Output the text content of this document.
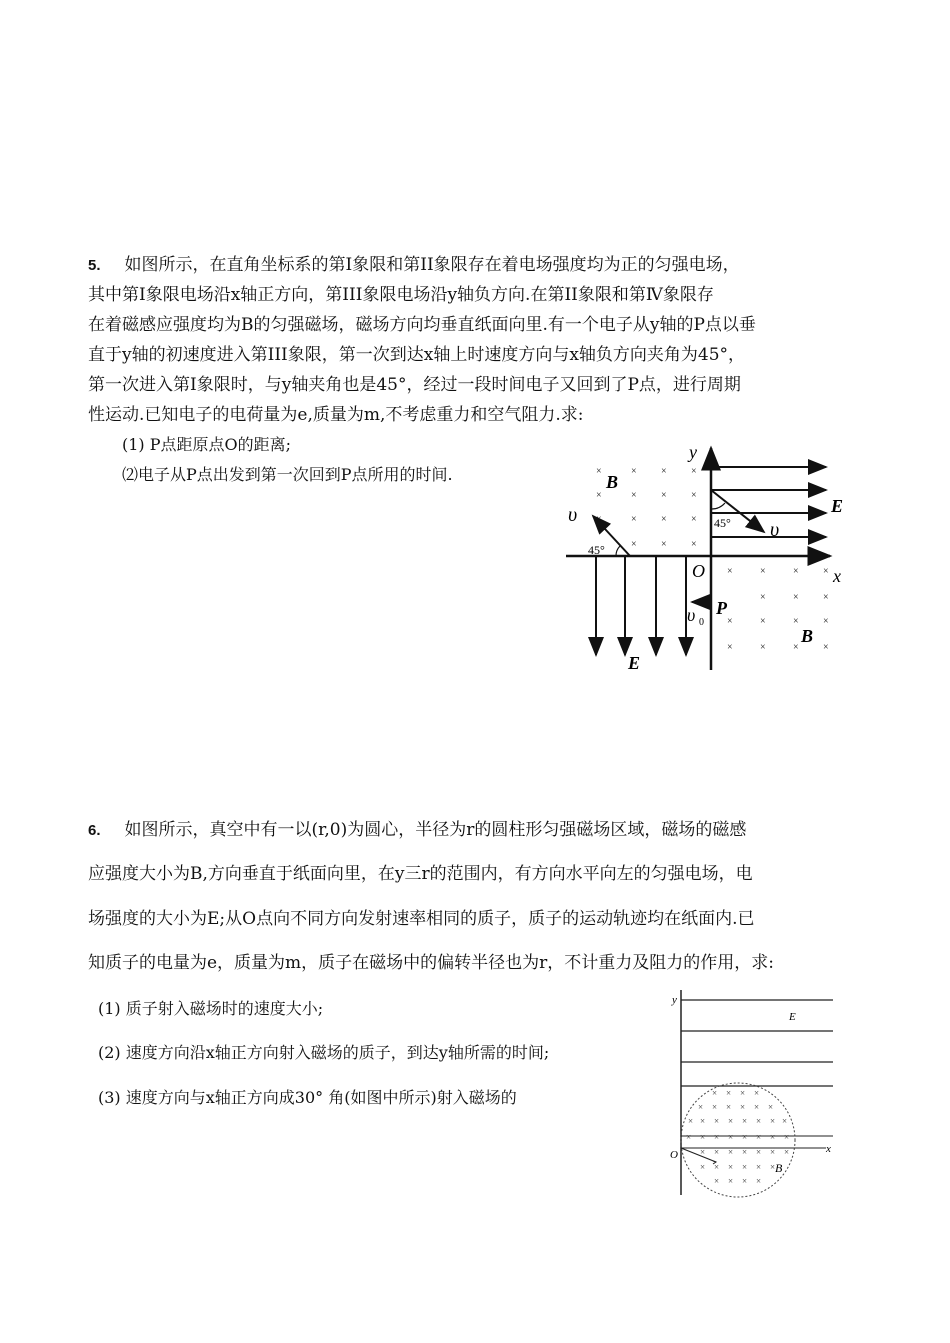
5. 如图所示，在直角坐标系的第Ⅰ象限和第II象限存在着电场强度均为正的匀强电场，
其中第Ⅰ象限电场沿x轴正方向，第III象限电场沿y轴负方向.在第II象限和第Ⅳ象限存
在着磁感应强度均为B的匀强磁场，磁场方向均垂直纸面向里.有一个电子从y轴的P点以垂
直于y轴的初速度进入第III象限，第一次到达x轴上时速度方向与x轴负方向夹角为45°，
第一次进入第Ⅰ象限时，与y轴夹角也是45°，经过一段时间电子又回到了P点，进行周期
性运动.已知电子的电荷量为e,质量为m,不考虑重力和空气阻力.求:
(1) P点距原点O的距离;
⑵电子从P点出发到第一次回到P点所用的时间.	×	× × ×
×	× × ×
×	× × ×
× × ×
×	×	× ×
×	× ×
×	×	× ×
×	×	× ×
y
x
O
B
B
E
E
υ
υ
υ 0
P
45°
45°
6. 如图所示，真空中有一以(r,0)为圆心，半径为r的圆柱形匀强磁场区域，磁场的磁感
应强度大小为B,方向垂直于纸面向里，在y三r的范围内，有方向水平向左的匀强电场，电
场强度的大小为E;从O点向不同方向发射速率相同的质子，质子的运动轨迹均在纸面内.已
知质子的电量为e，质量为m，质子在磁场中的偏转半径也为r，不计重力及阻力的作用，求:
(1) 质子射入磁场时的速度大小;
(2) 速度方向沿x轴正方向射入磁场的质子，到达y轴所需的时间;
(3) 速度方向与x轴正方向成30° 角(如图中所示)射入磁场的	× × × ×
× × × × × ×
× × × × × × × ×
× × × × × × × ×
× × × × × × ×
× × × × × ×
× × × ×
y
x
O
E
B
